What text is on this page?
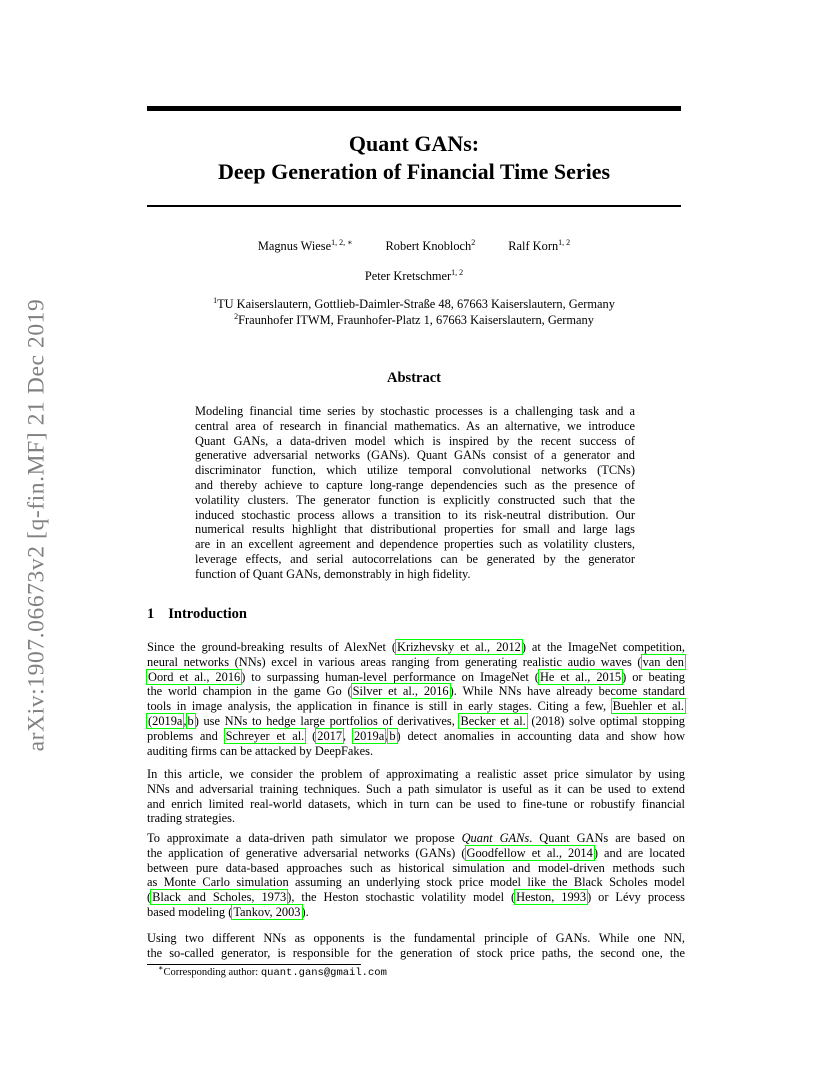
arXiv:1907.06673v2 [q-fin.MF] 21 Dec 2019
Quant GANs:
Deep Generation of Financial Time Series
Magnus Wiese$^{1, 2, ∗}$	Robert Knobloch$^2$	Ralf Korn$^{1, 2}$
Peter Kretschmer$^{1, 2}$
$^1$TU Kaiserslautern, Gottlieb-Daimler-Straße 48, 67663 Kaiserslautern, Germany
$^2$Fraunhofer ITWM, Fraunhofer-Platz 1, 67663 Kaiserslautern, Germany
Abstract
Modeling financial time series by stochastic processes is a challenging task and a
central area of research in financial mathematics. As an alternative, we introduce
Quant GANs, a data-driven model which is inspired by the recent success of
generative adversarial networks (GANs). Quant GANs consist of a generator and
discriminator function, which utilize temporal convolutional networks (TCNs)
and thereby achieve to capture long-range dependencies such as the presence of
volatility clusters. The generator function is explicitly constructed such that the
induced stochastic process allows a transition to its risk-neutral distribution. Our
numerical results highlight that distributional properties for small and large lags
are in an excellent agreement and dependence properties such as volatility clusters,
leverage effects, and serial autocorrelations can be generated by the generator
function of Quant GANs, demonstrably in high fidelity.
1 Introduction
Since the ground-breaking results of AlexNet (Krizhevsky et al., 2012) at the ImageNet competition,
neural networks (NNs) excel in various areas ranging from generating realistic audio waves (van den
Oord et al., 2016) to surpassing human-level performance on ImageNet (He et al., 2015) or beating
the world champion in the game Go (Silver et al., 2016). While NNs have already become standard
tools in image analysis, the application in finance is still in early stages. Citing a few, Buehler et al.
(2019a,b) use NNs to hedge large portfolios of derivatives, Becker et al. (2018) solve optimal stopping
problems and Schreyer et al. (2017, 2019a,b) detect anomalies in accounting data and show how
auditing firms can be attacked by DeepFakes.
In this article, we consider the problem of approximating a realistic asset price simulator by using
NNs and adversarial training techniques. Such a path simulator is useful as it can be used to extend
and enrich limited real-world datasets, which in turn can be used to fine-tune or robustify financial
trading strategies.
To approximate a data-driven path simulator we propose Quant GANs. Quant GANs are based on
the application of generative adversarial networks (GANs) (Goodfellow et al., 2014) and are located
between pure data-based approaches such as historical simulation and model-driven methods such
as Monte Carlo simulation assuming an underlying stock price model like the Black Scholes model
(Black and Scholes, 1973), the Heston stochastic volatility model (Heston, 1993) or Lévy process
based modeling (Tankov, 2003).
Using two different NNs as opponents is the fundamental principle of GANs. While one NN,
the so-called generator, is responsible for the generation of stock price paths, the second one, the
∗Corresponding author: quant.gans@gmail.com
